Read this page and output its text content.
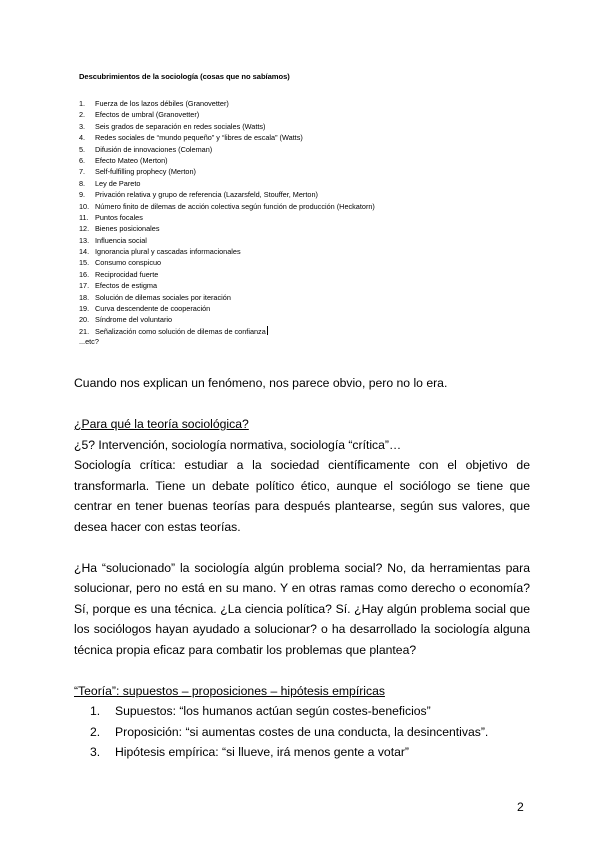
Descubrimientos de la sociología (cosas que no sabíamos)
1.	Fuerza de los lazos débiles (Granovetter)
2.	Efectos de umbral (Granovetter)
3.	Seis grados de separación en redes sociales (Watts)
4.	Redes sociales de “mundo pequeño” y “libres de escala” (Watts)
5.	Difusión de innovaciones (Coleman)
6.	Efecto Mateo (Merton)
7.	Self-fulfilling prophecy (Merton)
8.	Ley de Pareto
9.	Privación relativa y grupo de referencia (Lazarsfeld, Stouffer, Merton)
10. Número finito de dilemas de acción colectiva según función de producción (Heckatorn)
11. Puntos focales
12. Bienes posicionales
13. Influencia social
14. Ignorancia plural y cascadas informacionales
15. Consumo conspicuo
16. Reciprocidad fuerte
17. Efectos de estigma
18. Solución de dilemas sociales por iteración
19. Curva descendente de cooperación
20. Síndrome del voluntario
21. Señalización como solución de dilemas de confianza
...etc?

Cuando nos explican un fenómeno, nos parece obvio, pero no lo era.

¿Para qué la teoría sociológica?

¿5? Intervención, sociología normativa, sociología “crítica”…

Sociología crítica: estudiar a la sociedad científicamente con el objetivo de transformarla. Tiene un debate político ético, aunque el sociólogo se tiene que centrar en tener buenas teorías para después plantearse, según sus valores, que desea hacer con estas teorías.

¿Ha “solucionado” la sociología algún problema social? No, da herramientas para solucionar, pero no está en su mano. Y en otras ramas como derecho o economía? Sí, porque es una técnica. ¿La ciencia política? Sí. ¿Hay algún problema social que los sociólogos hayan ayudado a solucionar? o ha desarrollado la sociología alguna técnica propia eficaz para combatir los problemas que plantea?

“Teoría”: supuestos – proposiciones – hipótesis empíricas

1.	Supuestos: “los humanos actúan según costes-beneficios”
2.	Proposición: “si aumentas costes de una conducta, la desincentivas”.
3.	Hipótesis empírica: “si llueve, irá menos gente a votar”
2
